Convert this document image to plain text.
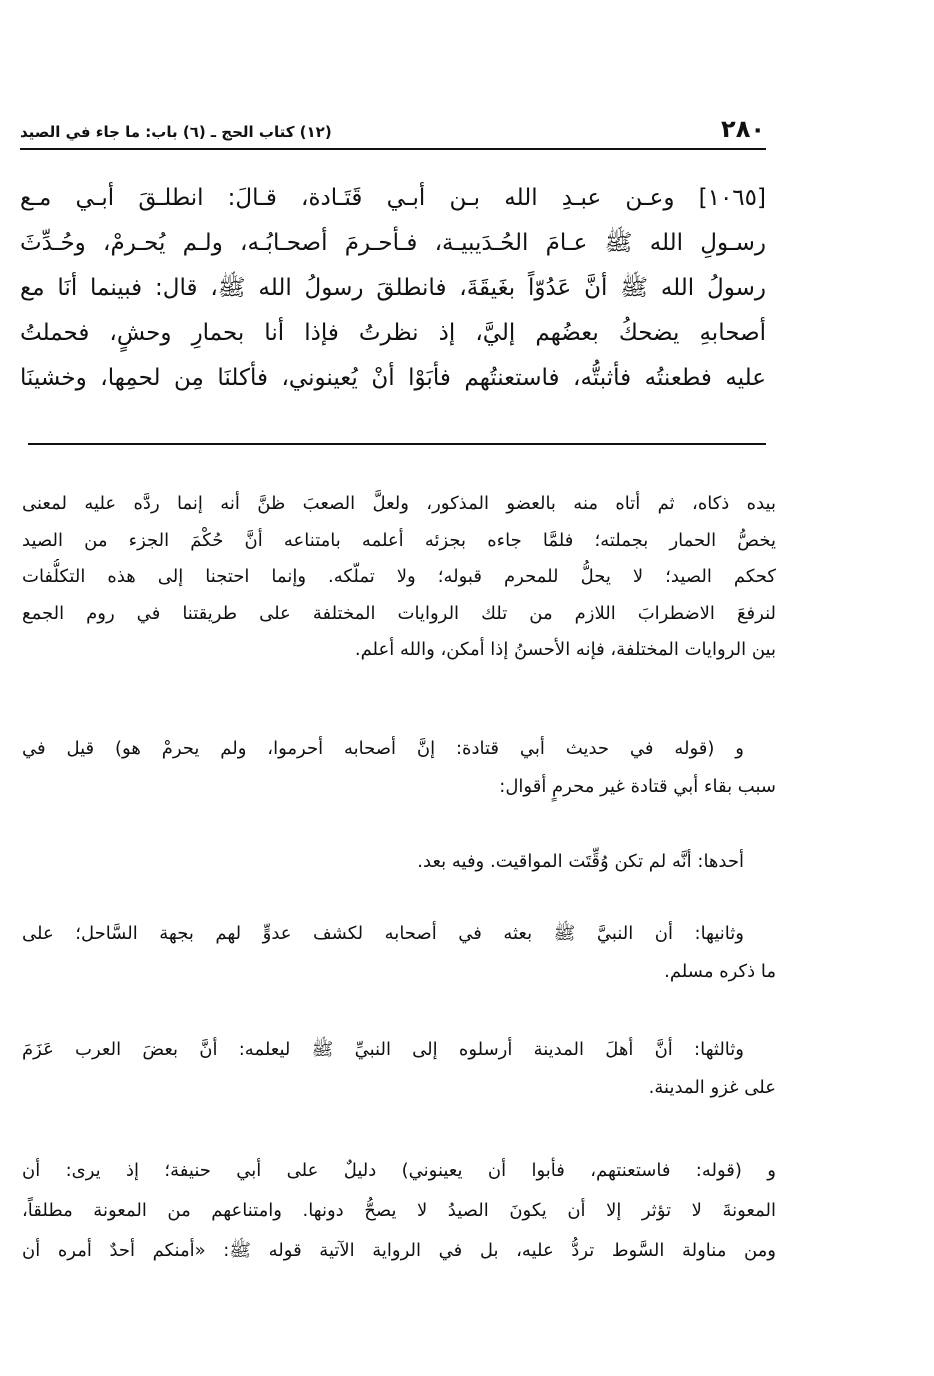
٢٨٠
(١٢) كتاب الحج ـ (٦) باب: ما جاء في الصيد
[١٠٦٥] وعـن عبـدِ الله بـن أبـي قَتَـادة، قـالَ: انطلـقَ أبـي مـع
رسـولِ الله ﷺ عـامَ الحُـدَيبيـة، فـأحـرمَ أصحـابُـه، ولـم يُحـرمْ، وحُـدِّثَ
رسولُ الله ﷺ أنَّ عَدُوّاً بغَيقَةَ، فانطلقَ رسولُ الله ﷺ، قال: فبينما أنَا مع
أصحابهِ يضحكُ بعضُهم إليَّ، إذ نظرتُ فإذا أنا بحمارِ وحشٍ، فحملتُ
عليه فطعنتُه فأثبتُّه، فاستعنتُهم فأبَوْا أنْ يُعينوني، فأكلنَا مِن لحمِها، وخشينَا
بيده ذكاه، ثم أتاه منه بالعضو المذكور، ولعلَّ الصعبَ ظنَّ أنه إنما ردَّه عليه لمعنى
يخصُّ الحمار بجملته؛ فلمَّا جاءه بجزئه أعلمه بامتناعه أنَّ حُكْمَ الجزء من الصيد
كحكم الصيد؛ لا يحلُّ للمحرم قبوله؛ ولا تملّكه. وإنما احتجنا إلى هذه التكلُّفات
لنرفعَ الاضطرابَ اللازم من تلك الروايات المختلفة على طريقتنا في روم الجمع
بين الروايات المختلفة، فإنه الأحسنُ إذا أمكن، والله أعلم.
و (قوله في حديث أبي قتادة: إنَّ أصحابه أحرموا، ولم يحرمْ هو) قيل في
سبب بقاء أبي قتادة غير محرمٍ أقوال:
أحدها: أنَّه لم تكن وُقِّتَت المواقيت. وفيه بعد.
وثانيها: أن النبيَّ ﷺ بعثه في أصحابه لكشف عدوٍّ لهم بجهة السَّاحل؛ على
ما ذكره مسلم.
وثالثها: أنَّ أهلَ المدينة أرسلوه إلى النبيِّ ﷺ ليعلمه: أنَّ بعضَ العرب عَزَمَ
على غزو المدينة.
و (قوله: فاستعنتهم، فأبوا أن يعينوني) دليلٌ على أبي حنيفة؛ إذ يرى: أن
المعونةَ لا تؤثر إلا أن يكونَ الصيدُ لا يصحُّ دونها. وامتناعهم من المعونة مطلقاً،
ومن مناولة السَّوط تردُّ عليه، بل في الرواية الآتية قوله ﷺ: «أمنكم أحدٌ أمره أن
